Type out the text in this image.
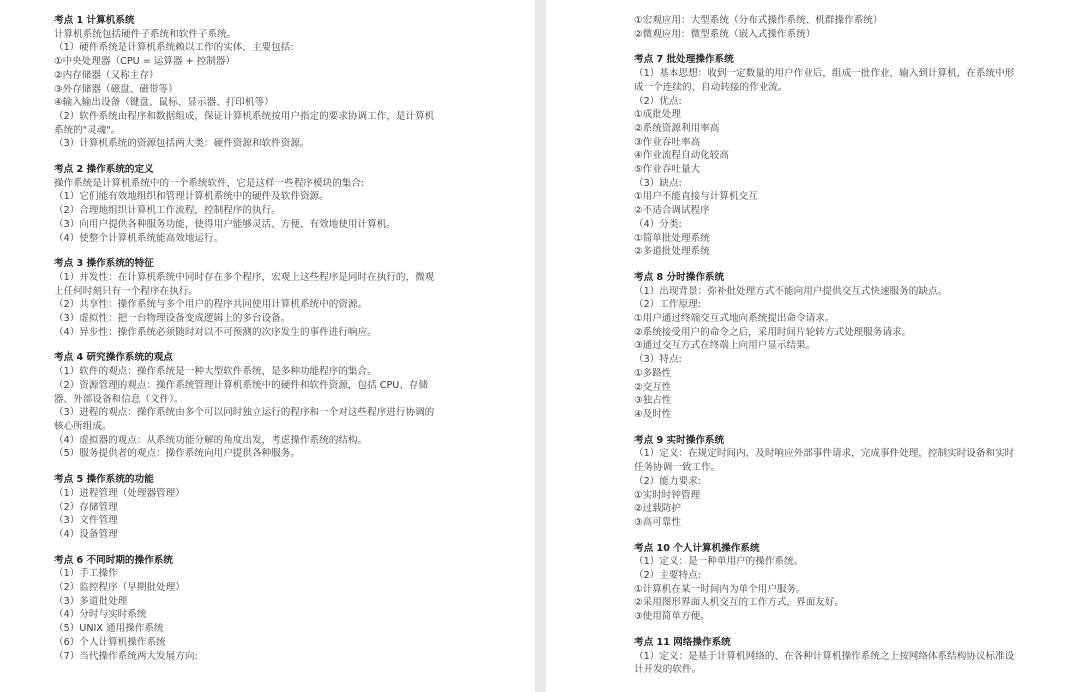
考点 1 计算机系统
计算机系统包括硬件子系统和软件子系统。
（1）硬件系统是计算机系统赖以工作的实体，主要包括:
①中央处理器（CPU = 运算器 + 控制器）
②内存储器（又称主存）
③外存储器（磁盘、磁带等）
④输入输出设备（键盘、鼠标、显示器、打印机等）
（2）软件系统由程序和数据组成，保证计算机系统按用户指定的要求协调工作，是计算机
系统的"灵魂"。
（3）计算机系统的资源包括两大类：硬件资源和软件资源。
考点 2 操作系统的定义
操作系统是计算机系统中的一个系统软件，它是这样一些程序模块的集合:
（1）它们能有效地组织和管理计算机系统中的硬件及软件资源。
（2）合理地组织计算机工作流程，控制程序的执行。
（3）向用户提供各种服务功能，使得用户能够灵活、方便、有效地使用计算机。
（4）使整个计算机系统能高效地运行。
考点 3 操作系统的特征
（1）并发性：在计算机系统中同时存在多个程序，宏观上这些程序是同时在执行的，微观
上任何时刻只有一个程序在执行。
（2）共享性：操作系统与多个用户的程序共同使用计算机系统中的资源。
（3）虚拟性：把一台物理设备变成逻辑上的多台设备。
（4）异步性：操作系统必须随时对以不可预测的次序发生的事件进行响应。
考点 4 研究操作系统的观点
（1）软件的观点：操作系统是一种大型软件系统，是多种功能程序的集合。
（2）资源管理的观点：操作系统管理计算机系统中的硬件和软件资源，包括 CPU、存储
器、外部设备和信息（文件）。
（3）进程的观点：操作系统由多个可以同时独立运行的程序和一个对这些程序进行协调的
核心所组成。
（4）虚拟器的观点：从系统功能分解的角度出发，考虑操作系统的结构。
（5）服务提供者的观点：操作系统向用户提供各种服务。
考点 5 操作系统的功能
（1）进程管理（处理器管理）
（2）存储管理
（3）文件管理
（4）设备管理
考点 6 不同时期的操作系统
（1）手工操作
（2）监控程序（早期批处理）
（3）多道批处理
（4）分时与实时系统
（5）UNIX 通用操作系统
（6）个人计算机操作系统
（7）当代操作系统两大发展方向:
①宏观应用：大型系统（分布式操作系统、机群操作系统）
②微观应用：微型系统（嵌入式操作系统）
考点 7 批处理操作系统
（1）基本思想：收到一定数量的用户作业后，组成一批作业，输入到计算机，在系统中形
成一个连续的、自动转接的作业流。
（2）优点:
①成批处理
②系统资源利用率高
③作业吞吐率高
④作业流程自动化较高
⑤作业吞吐量大
（3）缺点:
①用户不能直接与计算机交互
②不适合调试程序
（4）分类:
①简单批处理系统
②多道批处理系统
考点 8 分时操作系统
（1）出现背景：弥补批处理方式不能向用户提供交互式快速服务的缺点。
（2）工作原理:
①用户通过终端交互式地向系统提出命令请求。
②系统接受用户的命令之后，采用时间片轮转方式处理服务请求。
③通过交互方式在终端上向用户显示结果。
（3）特点:
①多路性
②交互性
③独占性
④及时性
考点 9 实时操作系统
（1）定义：在规定时间内，及时响应外部事件请求，完成事件处理，控制实时设备和实时
任务协调一致工作。
（2）能力要求:
①实时时钟管理
②过载防护
③高可靠性
考点 10 个人计算机操作系统
（1）定义：是一种单用户的操作系统。
（2）主要特点:
①计算机在某一时间内为单个用户服务。
②采用图形界面人机交互的工作方式，界面友好。
③使用简单方便。
考点 11 网络操作系统
（1）定义：是基于计算机网络的、在各种计算机操作系统之上按网络体系结构协议标准设
计开发的软件。
